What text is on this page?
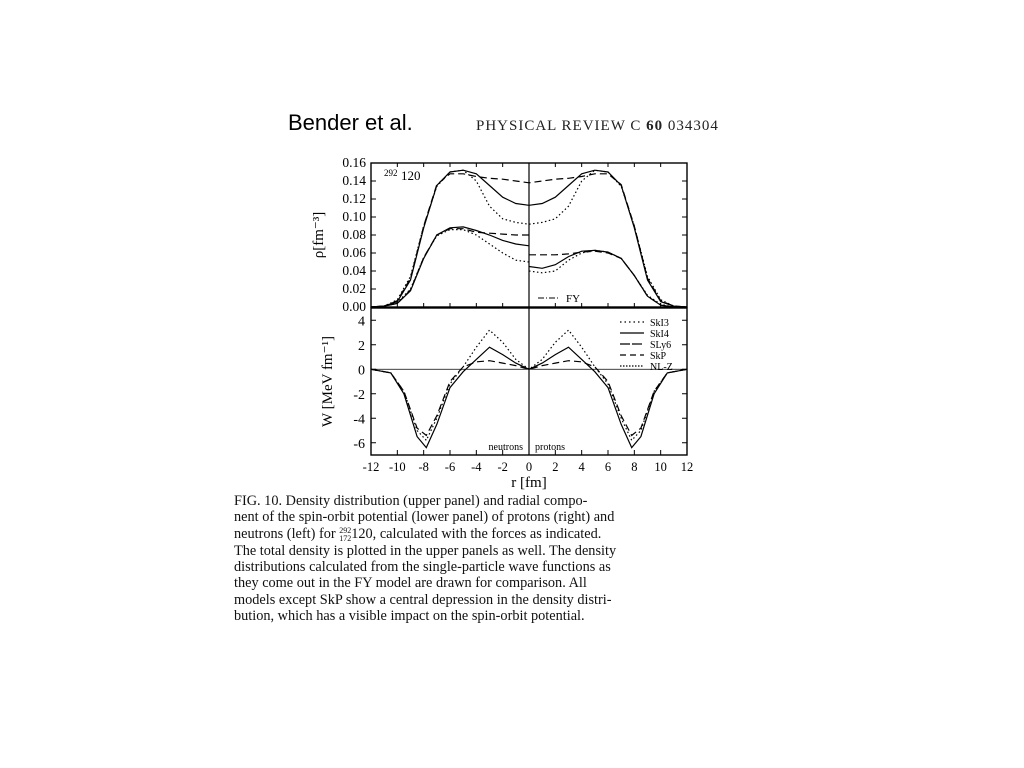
Bender et al.	PHYSICAL REVIEW C 60 034304
0.00
0.02
0.04
0.06
0.08
0.10
0.12
0.14
0.16
-6
-4
-2
0
2
4
-12 -10 -8 -6 -4 -2 0 2 4 6 8 10 12
ρ[fm⁻³]
W [MeV fm⁻¹]
r [fm]
292 120
neutrons protons
FY
SkI3
SkI4
SLy6
SkP
NL-Z
FIG. 10. Density distribution (upper panel) and radial compo-
nent of the spin-orbit potential (lower panel) of protons (right) and
neutrons (left) for 292
172 120, calculated with the forces as indicated.
The total density is plotted in the upper panels as well. The density
distributions calculated from the single-particle wave functions as
they come out in the FY model are drawn for comparison. All
models except SkP show a central depression in the density distri-
bution, which has a visible impact on the spin-orbit potential.
